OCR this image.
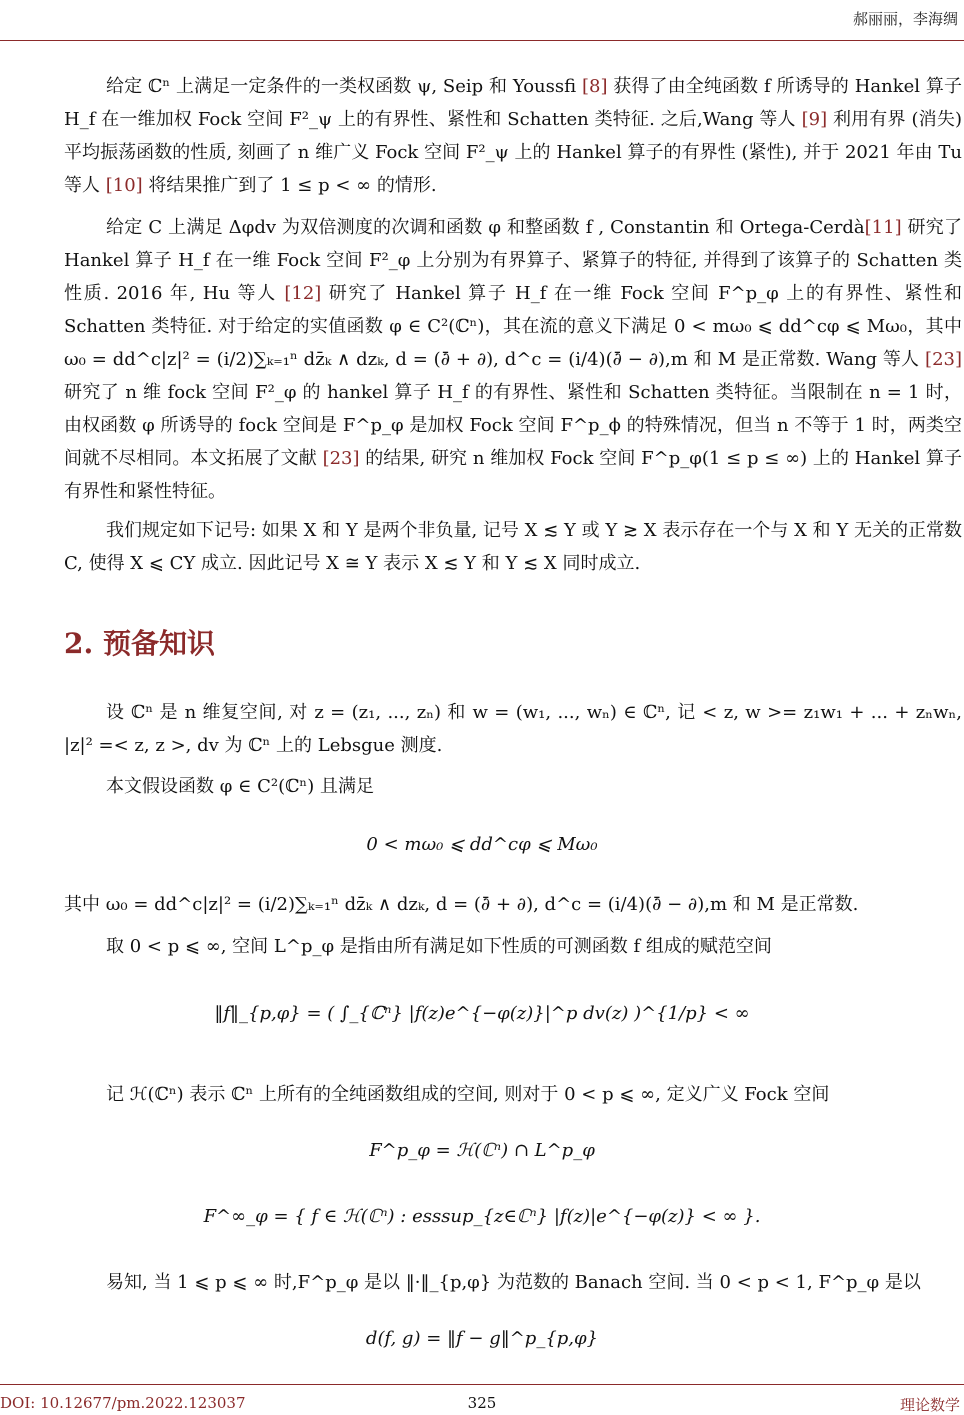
郝丽丽，李海绸
给定 ℂⁿ 上满足一定条件的一类权函数 ψ, Seip 和 Youssfi [8] 获得了由全纯函数 f 所诱导的 Hankel 算子 H_f 在一维加权 Fock 空间 F²_ψ 上的有界性、紧性和 Schatten 类特征. 之后,Wang 等人 [9] 利用有界 (消失) 平均振荡函数的性质, 刻画了 n 维广义 Fock 空间 F²_ψ 上的 Hankel 算子的有界性 (紧性), 并于 2021 年由 Tu 等人 [10] 将结果推广到了 1 ≤ p < ∞ 的情形.
给定 C 上满足 Δφdv 为双倍测度的次调和函数 φ 和整函数 f , Constantin 和 Ortega-Cerdà[11] 研究了 Hankel 算子 H_f 在一维 Fock 空间 F²_φ 上分别为有界算子、紧算子的特征, 并得到了该算子的 Schatten 类性质. 2016 年, Hu 等人 [12] 研究了 Hankel 算子 H_f 在一维 Fock 空间 F^p_φ 上的有界性、紧性和 Schatten 类特征. 对于给定的实值函数 φ ∈ C²(ℂⁿ)，其在流的意义下满足 0 < mω₀ ⩽ dd^cφ ⩽ Mω₀，其中 ω₀ = dd^c|z|² = (i/2)∑ₖ₌₁ⁿ dz̄ₖ ∧ dzₖ, d = (∂̄ + ∂), d^c = (i/4)(∂̄ − ∂),m 和 M 是正常数. Wang 等人 [23] 研究了 n 维 fock 空间 F²_φ 的 hankel 算子 H_f 的有界性、紧性和 Schatten 类特征。当限制在 n = 1 时，由权函数 φ 所诱导的 fock 空间是 F^p_φ 是加权 Fock 空间 F^p_ϕ 的特殊情况，但当 n 不等于 1 时，两类空间就不尽相同。本文拓展了文献 [23] 的结果, 研究 n 维加权 Fock 空间 F^p_φ(1 ≤ p ≤ ∞) 上的 Hankel 算子有界性和紧性特征。
我们规定如下记号: 如果 X 和 Y 是两个非负量, 记号 X ≲ Y 或 Y ≳ X 表示存在一个与 X 和 Y 无关的正常数 C, 使得 X ⩽ CY 成立. 因此记号 X ≅ Y 表示 X ≲ Y 和 Y ≲ X 同时成立.
2. 预备知识
设 ℂⁿ 是 n 维复空间, 对 z = (z₁, ..., zₙ) 和 w = (w₁, ..., wₙ) ∈ ℂⁿ, 记 < z, w >= z₁w₁ + ... + zₙwₙ, |z|² =< z, z >, dv 为 ℂⁿ 上的 Lebsgue 测度.
本文假设函数 φ ∈ C²(ℂⁿ) 且满足
0 < mω₀ ⩽ dd^cφ ⩽ Mω₀
其中 ω₀ = dd^c|z|² = (i/2)∑ₖ₌₁ⁿ dz̄ₖ ∧ dzₖ, d = (∂̄ + ∂), d^c = (i/4)(∂̄ − ∂),m 和 M 是正常数.
取 0 < p ⩽ ∞, 空间 L^p_φ 是指由所有满足如下性质的可测函数 f 组成的赋范空间
‖f‖_{p,φ} = ( ∫_{ℂⁿ} |f(z)e^{−φ(z)}|^p dv(z) )^{1/p} < ∞
记 ℋ(ℂⁿ) 表示 ℂⁿ 上所有的全纯函数组成的空间, 则对于 0 < p ⩽ ∞, 定义广义 Fock 空间
F^p_φ = ℋ(ℂⁿ) ∩ L^p_φ
F^∞_φ = { f ∈ ℋ(ℂⁿ) : esssup_{z∈ℂⁿ} |f(z)|e^{−φ(z)} < ∞ }.
易知, 当 1 ⩽ p ⩽ ∞ 时,F^p_φ 是以 ‖·‖_{p,φ} 为范数的 Banach 空间. 当 0 < p < 1, F^p_φ 是以
d(f, g) = ‖f − g‖^p_{p,φ}
DOI: 10.12677/pm.2022.123037	325	理论数学
